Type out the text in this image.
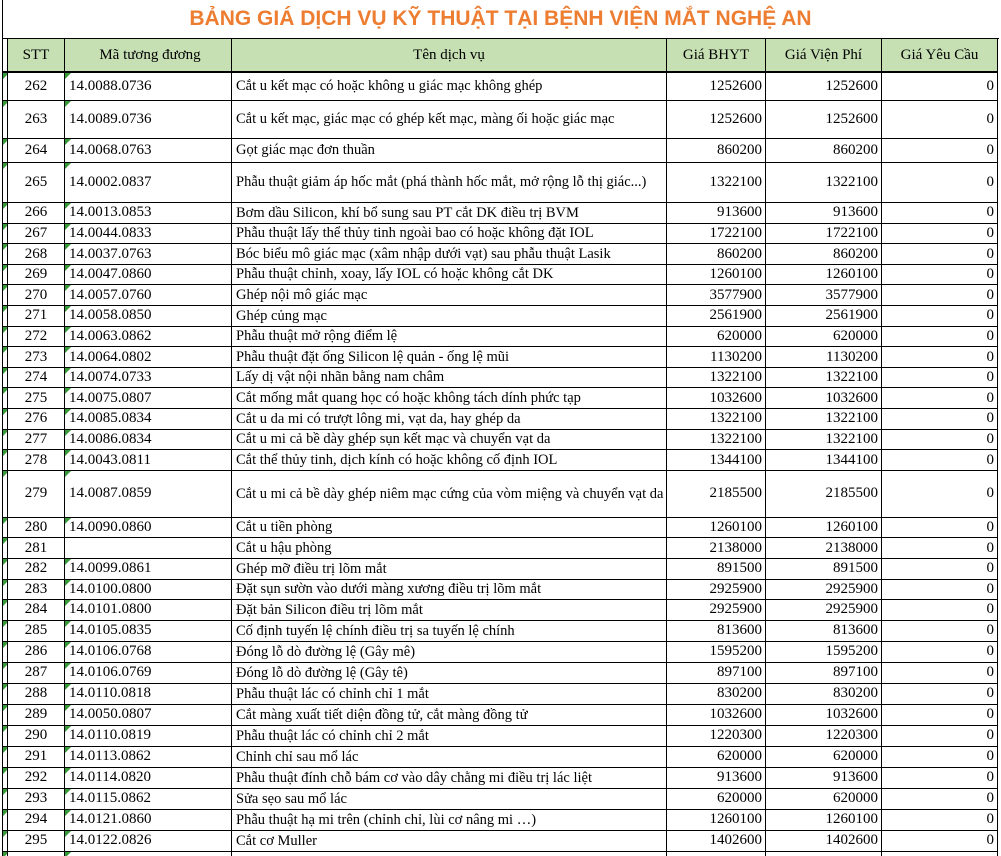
BẢNG GIÁ DỊCH VỤ KỸ THUẬT TẠI BỆNH VIỆN MẮT NGHỆ AN
STT	Mã tương đương	Tên dịch vụ	Giá BHYT	Giá Viện Phí	Giá Yêu Cầu
262 14.0088.0736	Cắt u kết mạc có hoặc không u giác mạc không ghép	1252600	1252600	0
263 14.0089.0736	Cắt u kết mạc, giác mạc có ghép kết mạc, màng ối hoặc giác mạc	1252600	1252600	0
264 14.0068.0763	Gọt giác mạc đơn thuần	860200	860200	0
265 14.0002.0837	Phẫu thuật giảm áp hốc mắt (phá thành hốc mắt, mở rộng lỗ thị giác...)	1322100	1322100	0
266 14.0013.0853	Bơm dầu Silicon, khí bổ sung sau PT cắt DK điều trị BVM	913600	913600	0
267 14.0044.0833	Phẫu thuật lấy thể thủy tinh ngoài bao có hoặc không đặt IOL	1722100	1722100	0
268 14.0037.0763	Bóc biểu mô giác mạc (xâm nhập dưới vạt) sau phẫu thuật Lasik	860200	860200	0
269 14.0047.0860	Phẫu thuật chỉnh, xoay, lấy IOL có hoặc không cắt DK	1260100	1260100	0
270 14.0057.0760	Ghép nội mô giác mạc	3577900	3577900	0
271 14.0058.0850	Ghép củng mạc	2561900	2561900	0
272 14.0063.0862	Phẫu thuật mở rộng điểm lệ	620000	620000	0
273 14.0064.0802	Phẫu thuật đặt ống Silicon lệ quản - ống lệ mũi	1130200	1130200	0
274 14.0074.0733	Lấy dị vật nội nhãn bằng nam châm	1322100	1322100	0
275 14.0075.0807	Cắt mống mắt quang học có hoặc không tách dính phức tạp	1032600	1032600	0
276 14.0085.0834	Cắt u da mi có trượt lông mi, vạt da, hay ghép da	1322100	1322100	0
277 14.0086.0834	Cắt u mi cả bề dày ghép sụn kết mạc và chuyển vạt da	1322100	1322100	0
278 14.0043.0811	Cắt thể thủy tinh, dịch kính có hoặc không cố định IOL	1344100	1344100	0
279 14.0087.0859	Cắt u mi cả bề dày ghép niêm mạc cứng của vòm miệng và chuyển vạt da	2185500	2185500	0
280 14.0090.0860	Cắt u tiền phòng	1260100	1260100	0
281	Cắt u hậu phòng	2138000	2138000	0
282 14.0099.0861	Ghép mỡ điều trị lõm mắt	891500	891500	0
283 14.0100.0800	Đặt sụn sườn vào dưới màng xương điều trị lõm mắt	2925900	2925900	0
284 14.0101.0800	Đặt bản Silicon điều trị lõm mắt	2925900	2925900	0
285 14.0105.0835	Cố định tuyến lệ chính điều trị sa tuyến lệ chính	813600	813600	0
286 14.0106.0768	Đóng lỗ dò đường lệ (Gây mê)	1595200	1595200	0
287 14.0106.0769	Đóng lỗ dò đường lệ (Gây tê)	897100	897100	0
288 14.0110.0818	Phẫu thuật lác có chỉnh chỉ 1 mắt	830200	830200	0
289 14.0050.0807	Cắt màng xuất tiết diện đồng tử, cắt màng đồng tử	1032600	1032600	0
290 14.0110.0819	Phẫu thuật lác có chỉnh chỉ 2 mắt	1220300	1220300	0
291 14.0113.0862	Chỉnh chỉ sau mổ lác	620000	620000	0
292 14.0114.0820	Phẫu thuật đính chỗ bám cơ vào dây chằng mi điều trị lác liệt	913600	913600	0
293 14.0115.0862	Sửa sẹo sau mổ lác	620000	620000	0
294 14.0121.0860	Phẫu thuật hạ mi trên (chỉnh chỉ, lùi cơ nâng mi …)	1260100	1260100	0
295 14.0122.0826	Cắt cơ Muller	1402600	1402600	0
